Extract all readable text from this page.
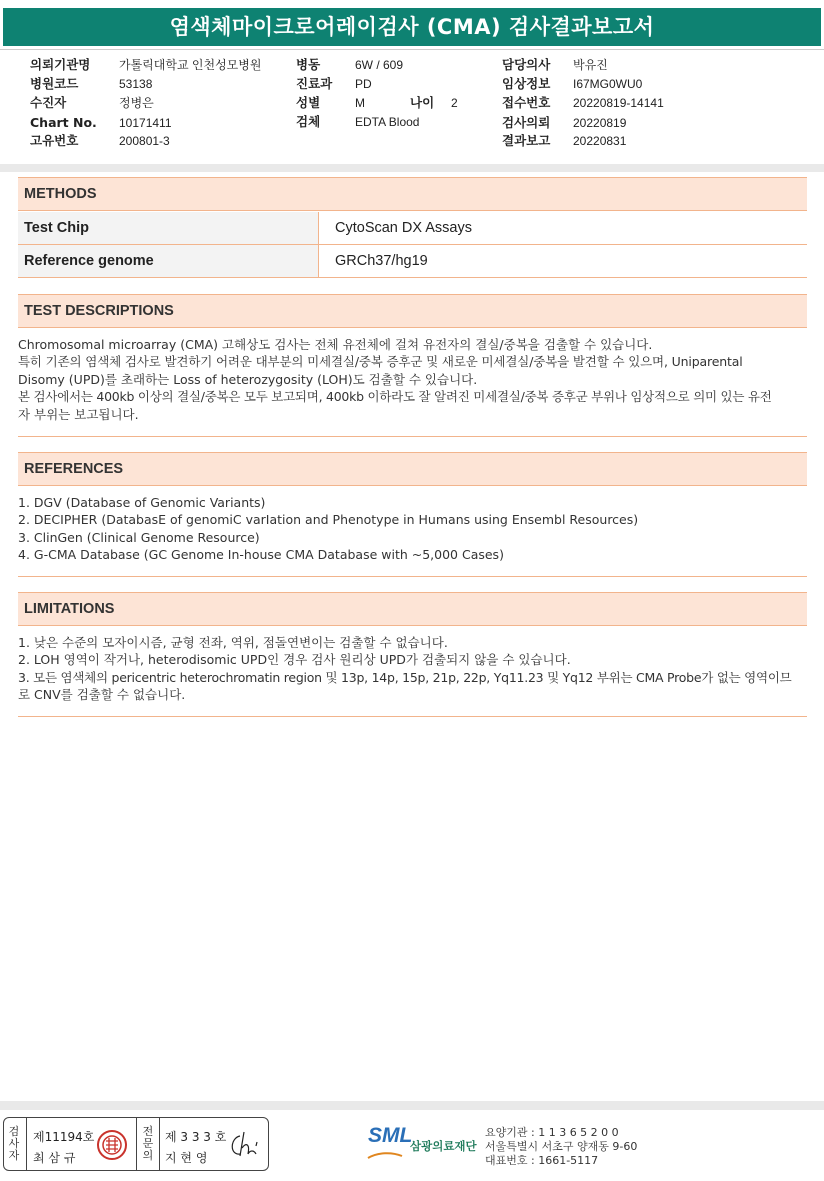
염색체마이크로어레이검사 (CMA) 검사결과보고서
의뢰기관명 가톨릭대학교 인천성모병원
병원코드	53138
수진자	정병은
Chart No. 10171411
고유번호	200801-3
병동	6W / 609
진료과 PD
성별	M	나이 2
검체	EDTA Blood
담당의사 박유진
임상정보 I67MG0WU0
접수번호 20220819-14141
검사의뢰 20220819
결과보고 20220831
METHODS
Test Chip	CytoScan DX Assays
Reference genome	GRCh37/hg19
TEST DESCRIPTIONS
Chromosomal microarray (CMA) 고해상도 검사는 전체 유전체에 걸쳐 유전자의 결실/중복을 검출할 수 있습니다.
특히 기존의 염색체 검사로 발견하기 어려운 대부분의 미세결실/중복 증후군 및 새로운 미세결실/중복을 발견할 수 있으며, Uniparental
Disomy (UPD)를 초래하는 Loss of heterozygosity (LOH)도 검출할 수 있습니다.
본 검사에서는 400kb 이상의 결실/중복은 모두 보고되며, 400kb 이하라도 잘 알려진 미세결실/중복 증후군 부위나 임상적으로 의미 있는 유전
자 부위는 보고됩니다.
REFERENCES
1. DGV (Database of Genomic Variants)
2. DECIPHER (DatabasE of genomiC varIation and Phenotype in Humans using Ensembl Resources)
3. ClinGen (Clinical Genome Resource)
4. G-CMA Database (GC Genome In-house CMA Database with ~5,000 Cases)
LIMITATIONS
1. 낮은 수준의 모자이시즘, 균형 전좌, 역위, 점돌연변이는 검출할 수 없습니다.
2. LOH 영역이 작거나, heterodisomic UPD인 경우 검사 원리상 UPD가 검출되지 않을 수 있습니다.
3. 모든 염색체의 pericentric heterochromatin region 및 13p, 14p, 15p, 21p, 22p, Yq11.23 및 Yq12 부위는 CMA Probe가 없는 영역이므
로 CNV를 검출할 수 없습니다.
검사자
제11194호
최 삼 규
전문의
제 3 3 3 호
지 현 영
SML
삼광의료재단
요양기관 : 1 1 3 6 5 2 0 0
서울특별시 서초구 양재동 9-60
대표번호 : 1661-5117
